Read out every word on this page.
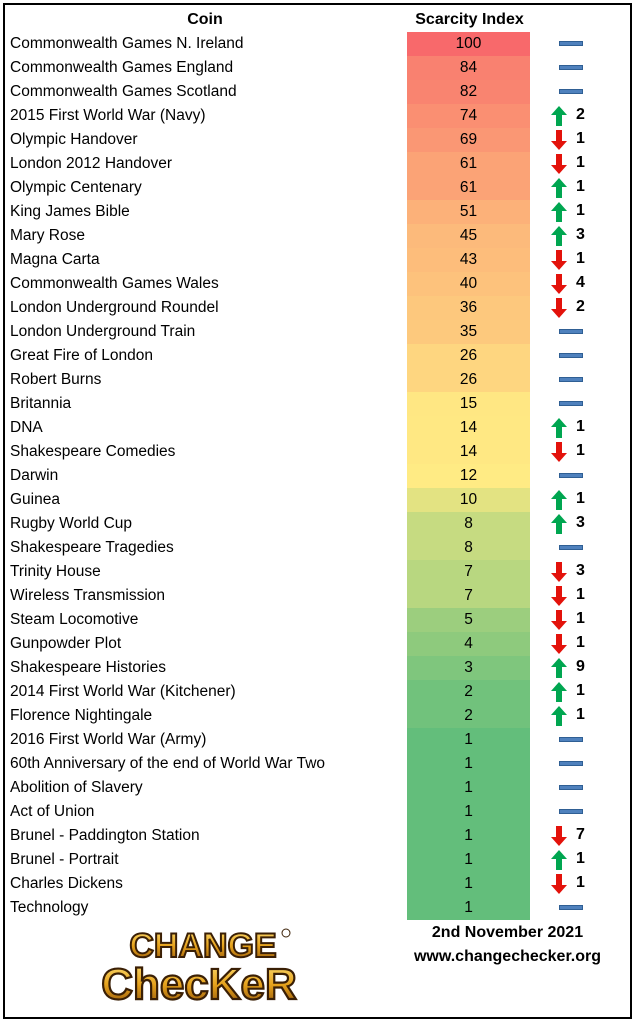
Coin	Scarcity Index
Commonwealth Games N. Ireland	100
Commonwealth Games England	84
Commonwealth Games Scotland	82
2015 First World War (Navy)	74	2
Olympic Handover	69	1
London 2012 Handover	61	1
Olympic Centenary	61	1
King James Bible	51	1
Mary Rose	45	3
Magna Carta	43	1
Commonwealth Games Wales	40	4
London Underground Roundel	36	2
London Underground Train	35
Great Fire of London	26
Robert Burns	26
Britannia	15
DNA	14	1
Shakespeare Comedies	14	1
Darwin	12
Guinea	10	1
Rugby World Cup	8	3
Shakespeare Tragedies	8
Trinity House	7	3
Wireless Transmission	7	1
Steam Locomotive	5	1
Gunpowder Plot	4	1
Shakespeare Histories	3	9
2014 First World War (Kitchener)	2	1
Florence Nightingale	2	1
2016 First World War (Army)	1
60th Anniversary of the end of World War Two	1
Abolition of Slavery	1
Act of Union	1
Brunel - Paddington Station	1	7
Brunel - Portrait	1	1
Charles Dickens	1	1
Technology	1
CHANGE
ChecKeR
2nd November 2021
www.changechecker.org
